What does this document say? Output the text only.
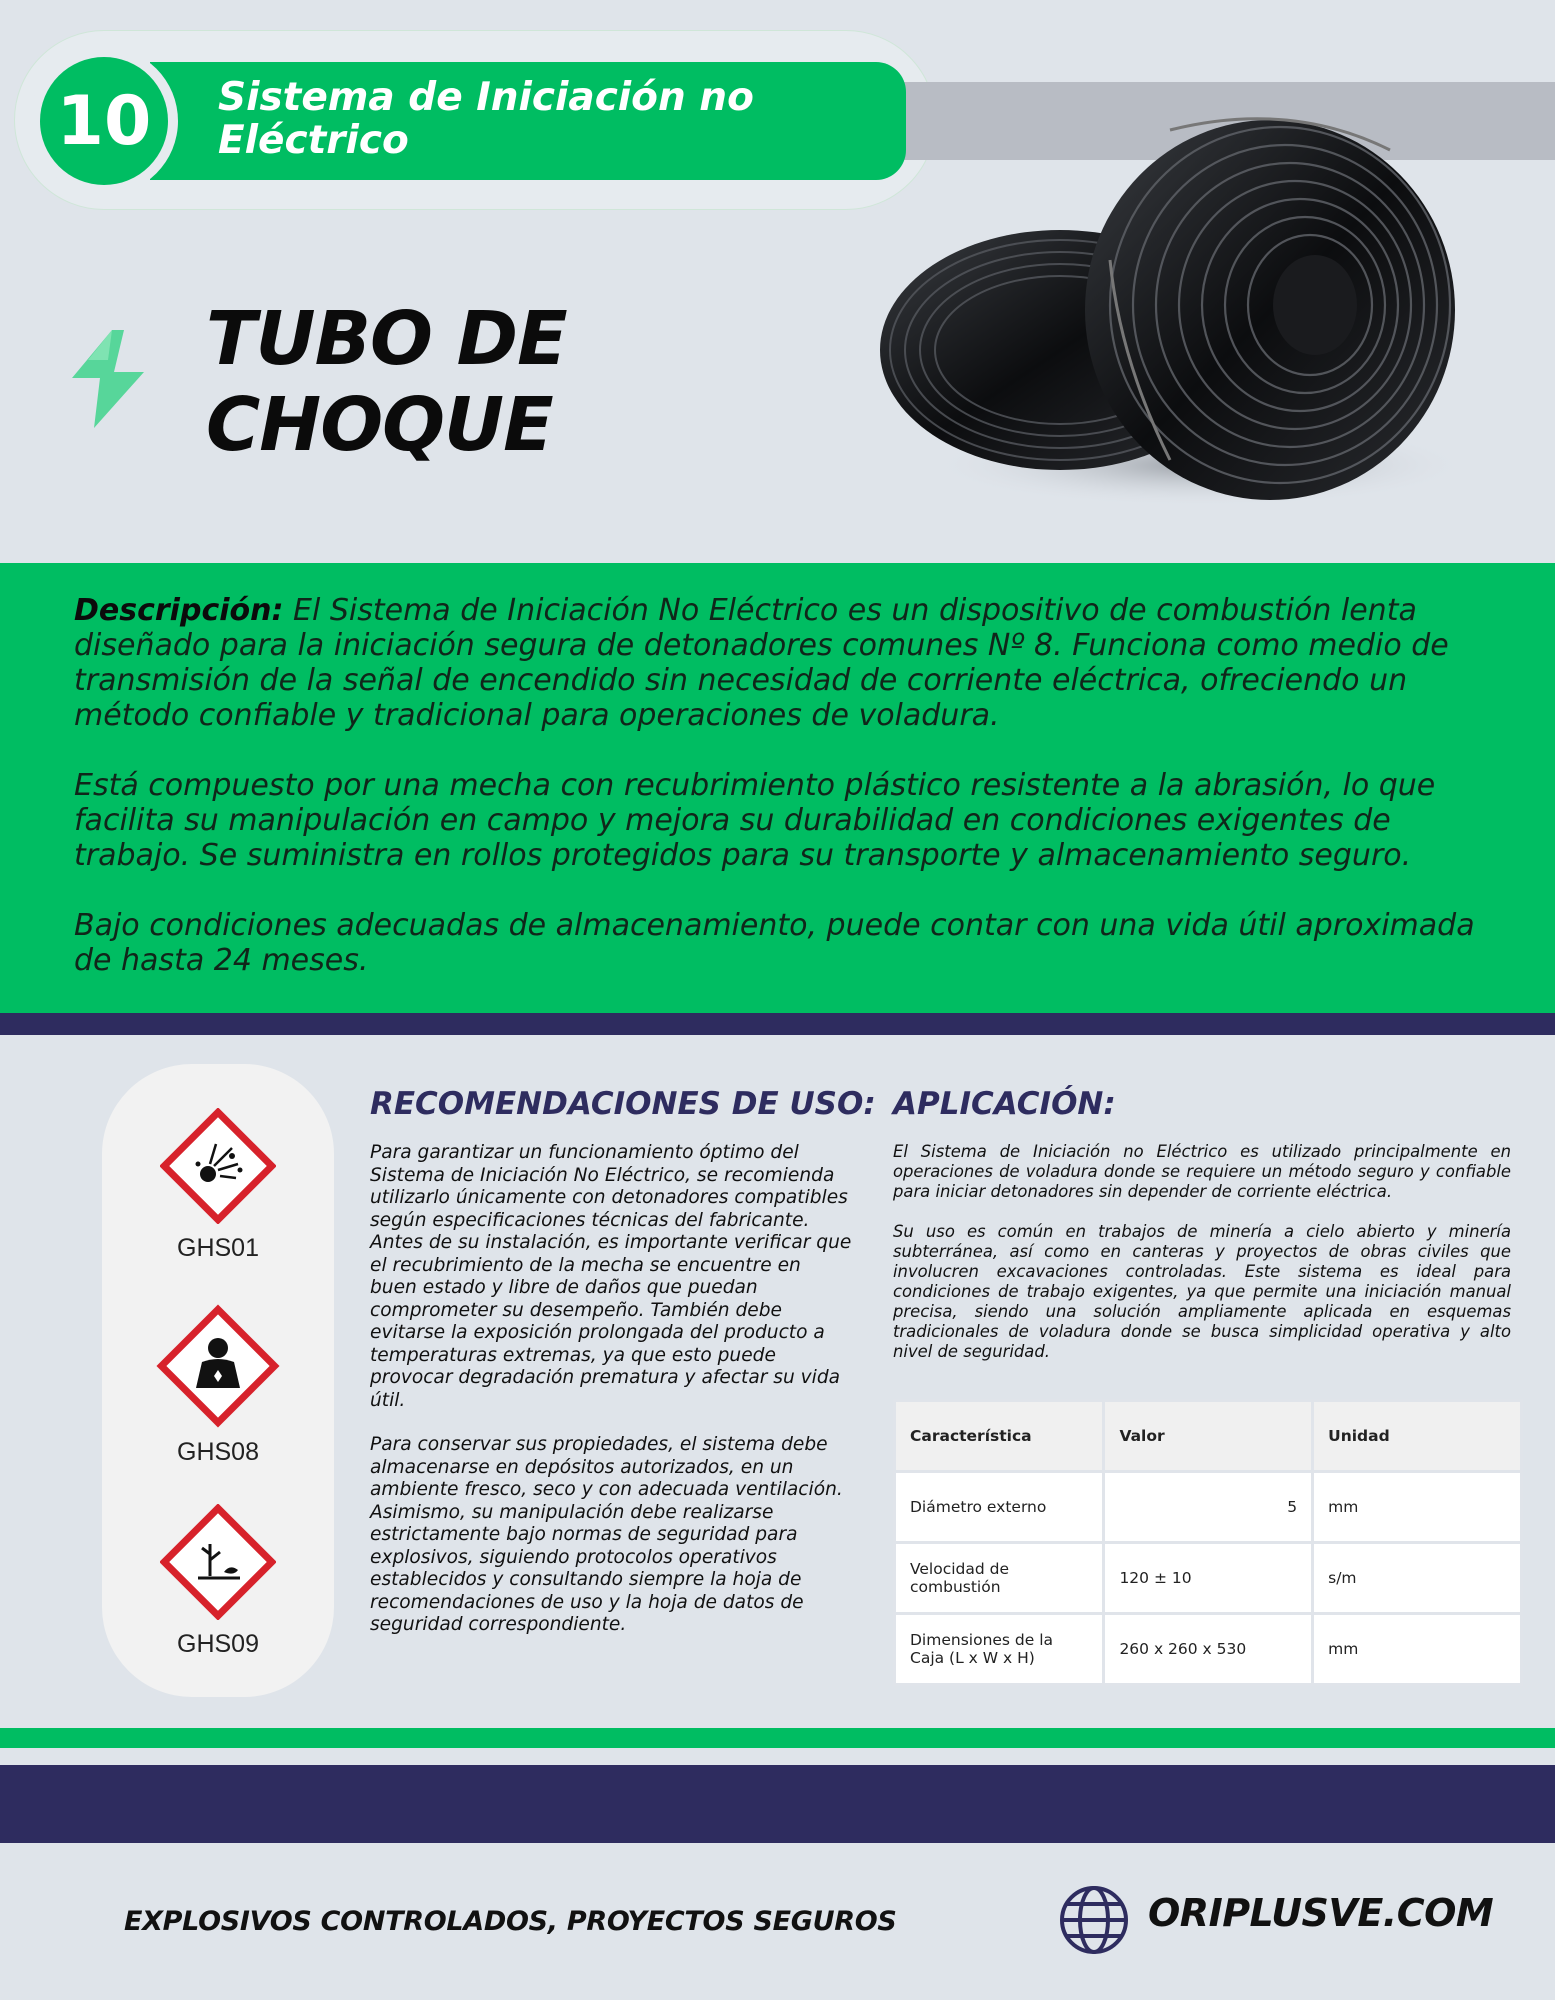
10	Sistema de Iniciación no Eléctrico
TUBO DE
CHOQUE

Descripción: El Sistema de Iniciación No Eléctrico es un dispositivo de combustión lenta diseñado para la iniciación segura de detonadores comunes Nº 8. Funciona como medio de transmisión de la señal de encendido sin necesidad de corriente eléctrica, ofreciendo un método confiable y tradicional para operaciones de voladura.

Está compuesto por una mecha con recubrimiento plástico resistente a la abrasión, lo que facilita su manipulación en campo y mejora su durabilidad en condiciones exigentes de trabajo. Se suministra en rollos protegidos para su transporte y almacenamiento seguro.

Bajo condiciones adecuadas de almacenamiento, puede contar con una vida útil aproximada de hasta 24 meses.

GHS01
GHS08
GHS09
RECOMENDACIONES DE USO:

Para garantizar un funcionamiento óptimo del Sistema de Iniciación No Eléctrico, se recomienda utilizarlo únicamente con detonadores compatibles según especificaciones técnicas del fabricante. Antes de su instalación, es importante verificar que el recubrimiento de la mecha se encuentre en buen estado y libre de daños que puedan comprometer su desempeño. También debe evitarse la exposición prolongada del producto a temperaturas extremas, ya que esto puede provocar degradación prematura y afectar su vida útil.

Para conservar sus propiedades, el sistema debe almacenarse en depósitos autorizados, en un ambiente fresco, seco y con adecuada ventilación. Asimismo, su manipulación debe realizarse estrictamente bajo normas de seguridad para explosivos, siguiendo protocolos operativos establecidos y consultando siempre la hoja de recomendaciones de uso y la hoja de datos de seguridad correspondiente.

APLICACIÓN:

El Sistema de Iniciación no Eléctrico es utilizado principalmente en operaciones de voladura donde se requiere un método seguro y confiable para iniciar detonadores sin depender de corriente eléctrica.

Su uso es común en trabajos de minería a cielo abierto y minería subterránea, así como en canteras y proyectos de obras civiles que involucren excavaciones controladas. Este sistema es ideal para condiciones de trabajo exigentes, ya que permite una iniciación manual precisa, siendo una solución ampliamente aplicada en esquemas tradicionales de voladura donde se busca simplicidad operativa y alto nivel de seguridad.

Característica	Valor	Unidad
Diámetro externo	5	mm
Velocidad de combustión	120 ± 10	s/m
Dimensiones de la Caja (L x W x H)	260 x 260 x 530	mm
EXPLOSIVOS CONTROLADOS, PROYECTOS SEGUROS	ORIPLUSVE.COM
